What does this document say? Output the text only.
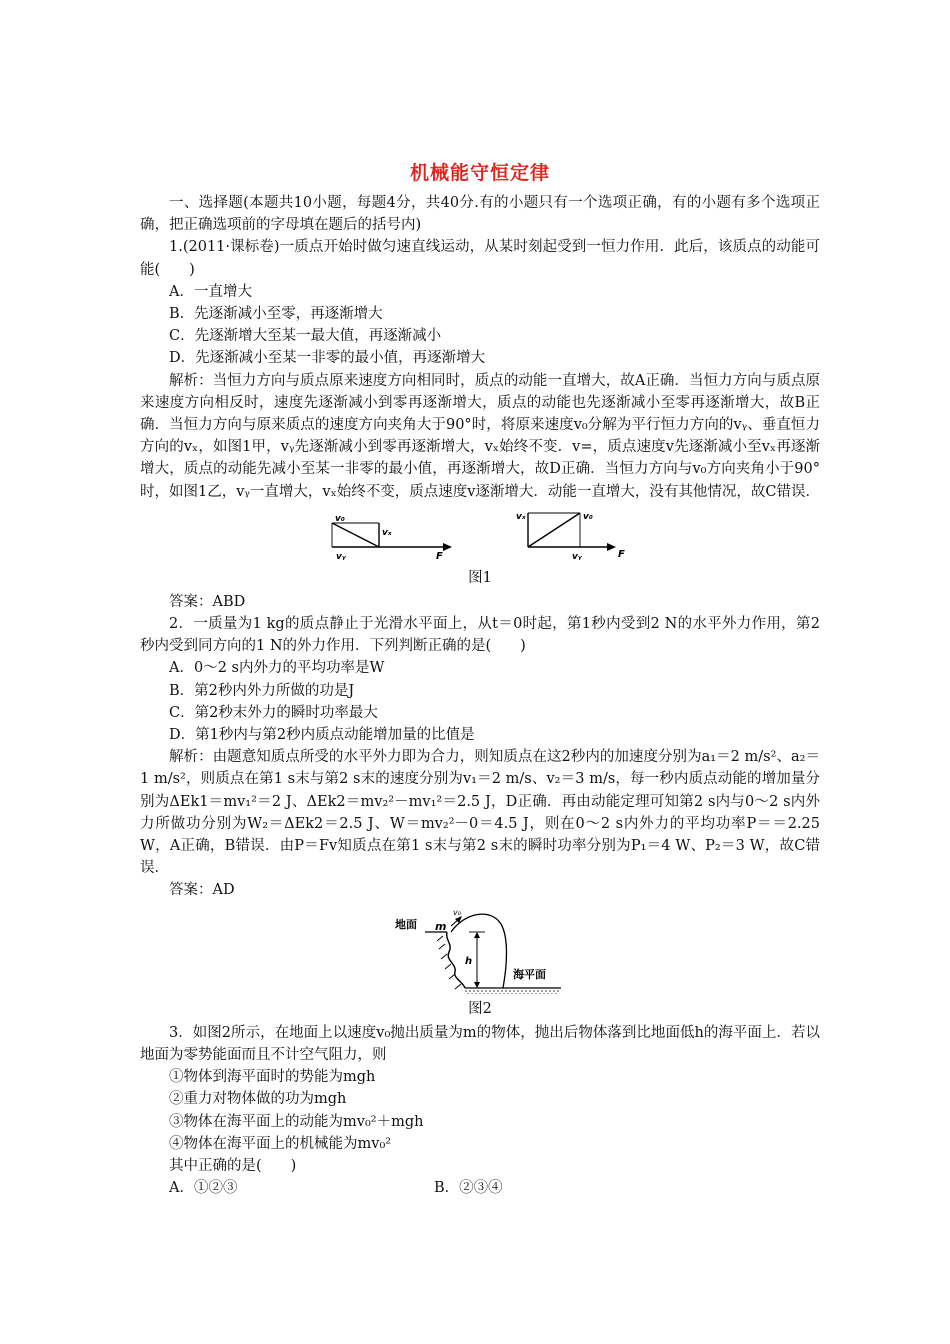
机械能守恒定律

一、选择题(本题共10小题，每题4分，共40分.有的小题只有一个选项正确，有的小题有多个选项正确，把正确选项前的字母填在题后的括号内)

1.(2011·课标卷)一质点开始时做匀速直线运动，从某时刻起受到一恒力作用．此后，该质点的动能可能(　　)

A．一直增大

B．先逐渐减小至零，再逐渐增大

C．先逐渐增大至某一最大值，再逐渐减小

D．先逐渐减小至某一非零的最小值，再逐渐增大

解析：当恒力方向与质点原来速度方向相同时，质点的动能一直增大，故A正确．当恒力方向与质点原来速度方向相反时，速度先逐渐减小到零再逐渐增大，质点的动能也先逐渐减小至零再逐渐增大，故B正确．当恒力方向与原来质点的速度方向夹角大于90°时，将原来速度v₀分解为平行恒力方向的vᵧ、垂直恒力方向的vₓ，如图1甲，vᵧ先逐渐减小到零再逐渐增大，vₓ始终不变．v=，质点速度v先逐渐减小至vₓ再逐渐增大，质点的动能先减小至某一非零的最小值，再逐渐增大，故D正确．当恒力方向与v₀方向夹角小于90°时，如图1乙，vᵧ一直增大，vₓ始终不变，质点速度v逐渐增大．动能一直增大，没有其他情况，故C错误．

v₀
vₓ
vᵧ	F
vₓ	v₀
vᵧ	F
图1

答案：ABD

2．一质量为1 kg的质点静止于光滑水平面上，从t＝0时起，第1秒内受到2 N的水平外力作用，第2秒内受到同方向的1 N的外力作用．下列判断正确的是(　　)

A．0～2 s内外力的平均功率是W

B．第2秒内外力所做的功是J

C．第2秒末外力的瞬时功率最大

D．第1秒内与第2秒内质点动能增加量的比值是

解析：由题意知质点所受的水平外力即为合力，则知质点在这2秒内的加速度分别为a₁＝2 m/s²、a₂＝1 m/s²，则质点在第1 s末与第2 s末的速度分别为v₁＝2 m/s、v₂＝3 m/s，每一秒内质点动能的增加量分别为ΔEk1＝mv₁²＝2 J、ΔEk2＝mv₂²－mv₁²＝2.5 J，D正确．再由动能定理可知第2 s内与0～2 s内外力所做功分别为W₂＝ΔEk2＝2.5 J、W＝mv₂²－0＝4.5 J，则在0～2 s内外力的平均功率P＝＝2.25 W，A正确，B错误．由P＝Fv知质点在第1 s末与第2 s末的瞬时功率分别为P₁＝4 W、P₂＝3 W，故C错误．

答案：AD

地面
v₀
m
h
海平面
图2

3．如图2所示，在地面上以速度v₀抛出质量为m的物体，抛出后物体落到比地面低h的海平面上．若以地面为零势能面而且不计空气阻力，则

①物体到海平面时的势能为mgh

②重力对物体做的功为mgh

③物体在海平面上的动能为mv₀²＋mgh

④物体在海平面上的机械能为mv₀²

其中正确的是(　　)

A．①②③	B．②③④
